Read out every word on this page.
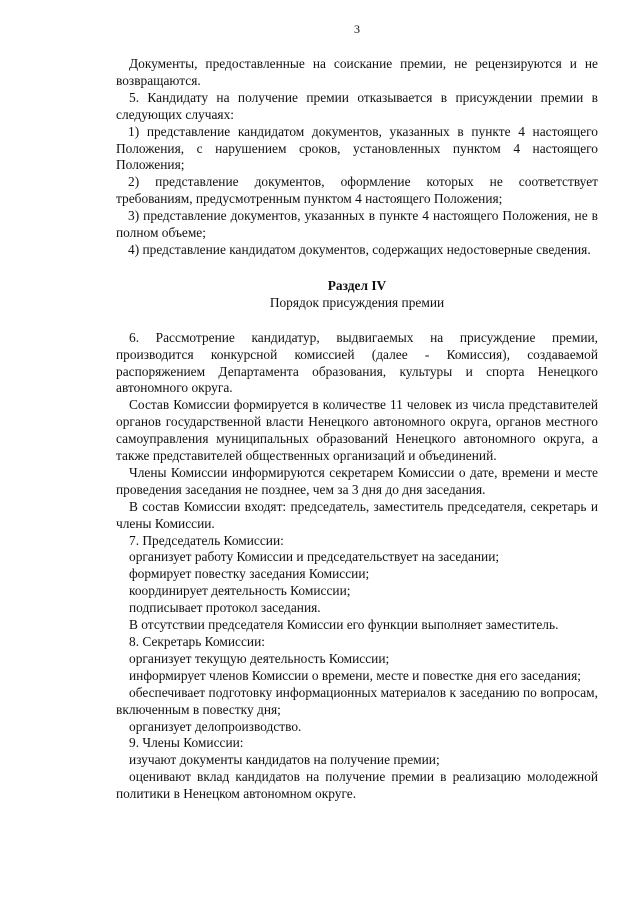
3

Документы, предоставленные на соискание премии, не рецензируются и не возвращаются.

5. Кандидату на получение премии отказывается в присуждении премии в следующих случаях:

1) представление кандидатом документов, указанных в пункте 4 настоящего Положения, с нарушением сроков, установленных пунктом 4 настоящего Положения;

2) представление документов, оформление которых не соответствует требованиям, предусмотренным пунктом 4 настоящего Положения;

3) представление документов, указанных в пункте 4 настоящего Положения, не в полном объеме;

4) представление кандидатом документов, содержащих недостоверные сведения.

Раздел IV
Порядок присуждения премии

6. Рассмотрение кандидатур, выдвигаемых на присуждение премии, производится конкурсной комиссией (далее - Комиссия), создаваемой распоряжением Департамента образования, культуры и спорта Ненецкого автономного округа.

Состав Комиссии формируется в количестве 11 человек из числа представителей органов государственной власти Ненецкого автономного округа, органов местного самоуправления муниципальных образований Ненецкого автономного округа, а также представителей общественных организаций и объединений.

Члены Комиссии информируются секретарем Комиссии о дате, времени и месте проведения заседания не позднее, чем за 3 дня до дня заседания.

В состав Комиссии входят: председатель, заместитель председателя, секретарь и члены Комиссии.

7. Председатель Комиссии:

организует работу Комиссии и председательствует на заседании;

формирует повестку заседания Комиссии;

координирует деятельность Комиссии;

подписывает протокол заседания.

В отсутствии председателя Комиссии его функции выполняет заместитель.

8. Секретарь Комиссии:

организует текущую деятельность Комиссии;

информирует членов Комиссии о времени, месте и повестке дня его заседания;

обеспечивает подготовку информационных материалов к заседанию по вопросам, включенным в повестку дня;

организует делопроизводство.

9. Члены Комиссии:

изучают документы кандидатов на получение премии;

оценивают вклад кандидатов на получение премии в реализацию молодежной политики в Ненецком автономном округе.
